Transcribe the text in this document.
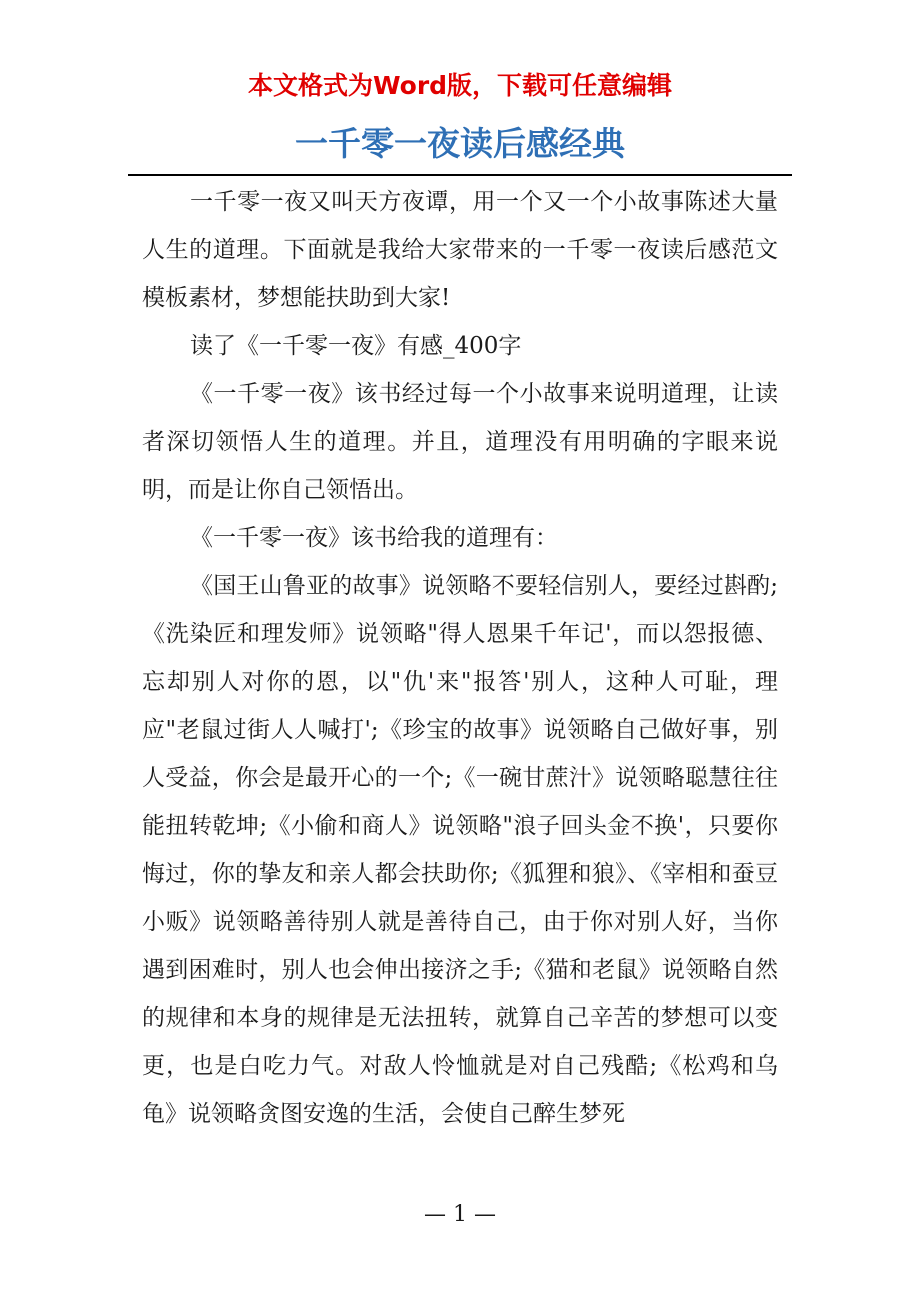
本文格式为Word版，下载可任意编辑

一千零一夜读后感经典

一千零一夜又叫天方夜谭，用一个又一个小故事陈述大量人生的道理。下面就是我给大家带来的一千零一夜读后感范文模板素材，梦想能扶助到大家!

读了《一千零一夜》有感_400字

《一千零一夜》该书经过每一个小故事来说明道理，让读者深切领悟人生的道理。并且，道理没有用明确的字眼来说明，而是让你自己领悟出。

《一千零一夜》该书给我的道理有：

《国王山鲁亚的故事》说领略不要轻信别人，要经过斟酌;《洗染匠和理发师》说领略"得人恩果千年记'，而以怨报德、忘却别人对你的恩，以"仇'来"报答'别人，这种人可耻，理应"老鼠过街人人喊打';《珍宝的故事》说领略自己做好事，别人受益，你会是最开心的一个;《一碗甘蔗汁》说领略聪慧往往能扭转乾坤;《小偷和商人》说领略"浪子回头金不换'，只要你悔过，你的挚友和亲人都会扶助你;《狐狸和狼》、《宰相和蚕豆小贩》说领略善待别人就是善待自己，由于你对别人好，当你遇到困难时，别人也会伸出接济之手;《猫和老鼠》说领略自然的规律和本身的规律是无法扭转，就算自己辛苦的梦想可以变更，也是白吃力气。对敌人怜恤就是对自己残酷;《松鸡和乌龟》说领略贪图安逸的生活，会使自己醉生梦死

— 1 —
